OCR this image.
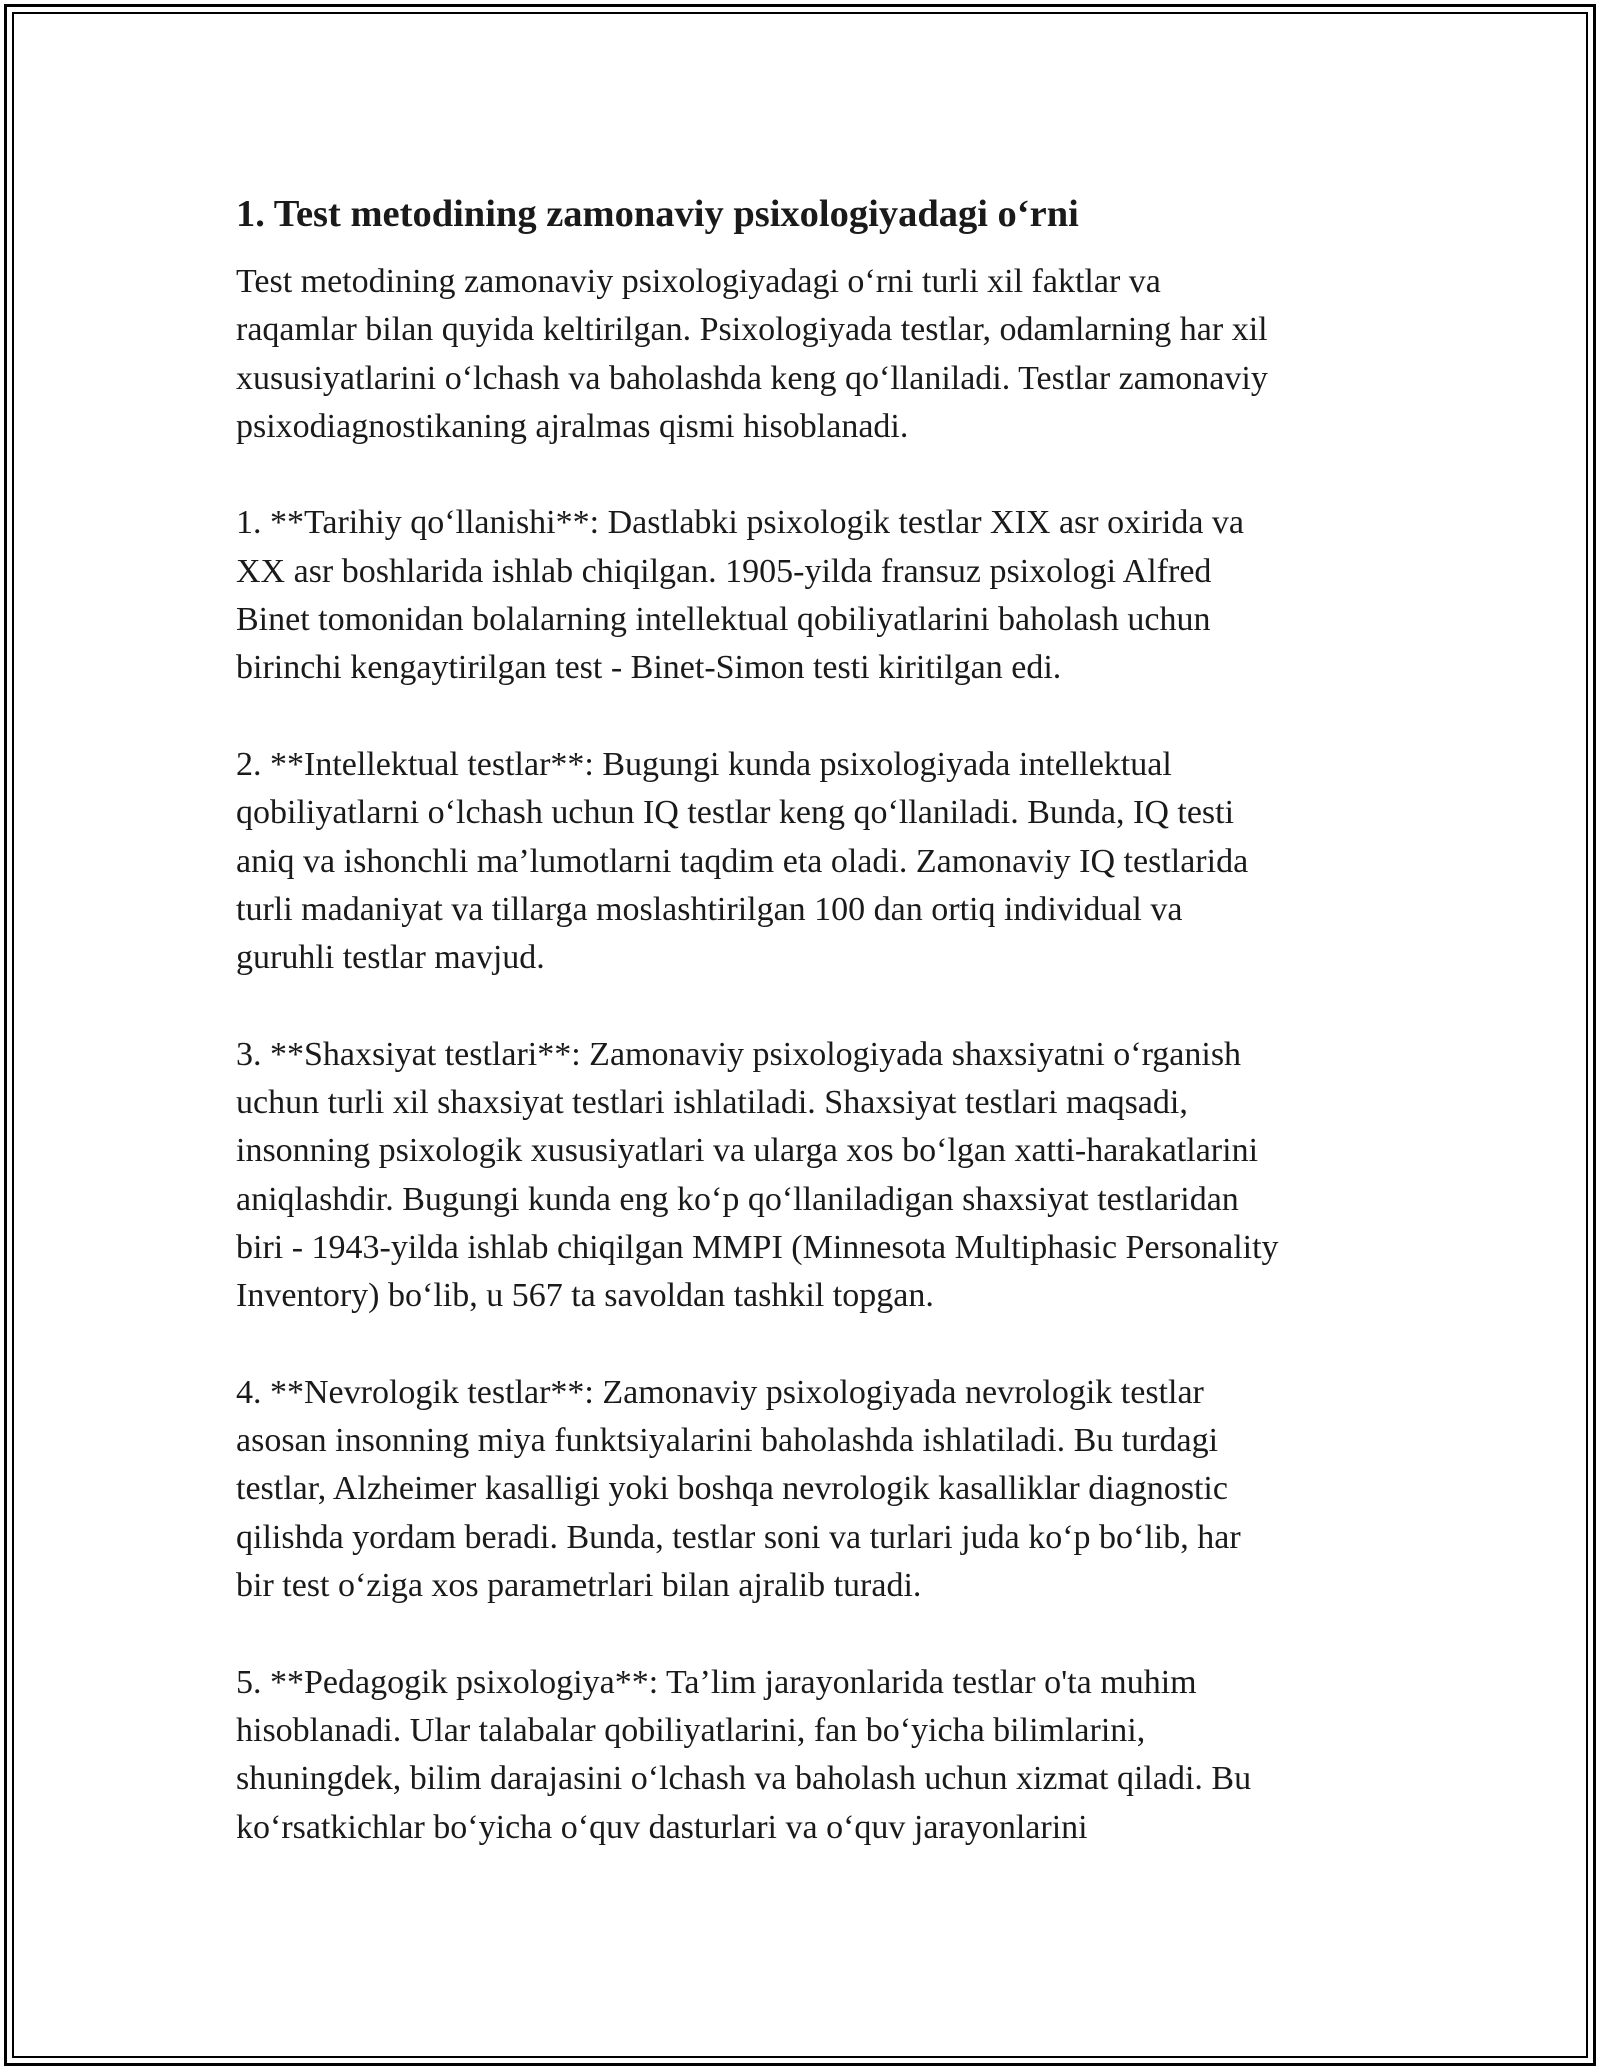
1. Test metodining zamonaviy psixologiyadagi o‘rni
Test metodining zamonaviy psixologiyadagi o‘rni turli xil faktlar va
raqamlar bilan quyida keltirilgan. Psixologiyada testlar, odamlarning har xil
xususiyatlarini o‘lchash va baholashda keng qo‘llaniladi. Testlar zamonaviy
psixodiagnostikaning ajralmas qismi hisoblanadi.
1. **Tarihiy qo‘llanishi**: Dastlabki psixologik testlar XIX asr oxirida va
XX asr boshlarida ishlab chiqilgan. 1905-yilda fransuz psixologi Alfred
Binet tomonidan bolalarning intellektual qobiliyatlarini baholash uchun
birinchi kengaytirilgan test - Binet-Simon testi kiritilgan edi.
2. **Intellektual testlar**: Bugungi kunda psixologiyada intellektual
qobiliyatlarni o‘lchash uchun IQ testlar keng qo‘llaniladi. Bunda, IQ testi
aniq va ishonchli ma’lumotlarni taqdim eta oladi. Zamonaviy IQ testlarida
turli madaniyat va tillarga moslashtirilgan 100 dan ortiq individual va
guruhli testlar mavjud.
3. **Shaxsiyat testlari**: Zamonaviy psixologiyada shaxsiyatni o‘rganish
uchun turli xil shaxsiyat testlari ishlatiladi. Shaxsiyat testlari maqsadi,
insonning psixologik xususiyatlari va ularga xos bo‘lgan xatti-harakatlarini
aniqlashdir. Bugungi kunda eng ko‘p qo‘llaniladigan shaxsiyat testlaridan
biri - 1943-yilda ishlab chiqilgan MMPI (Minnesota Multiphasic Personality
Inventory) bo‘lib, u 567 ta savoldan tashkil topgan.
4. **Nevrologik testlar**: Zamonaviy psixologiyada nevrologik testlar
asosan insonning miya funktsiyalarini baholashda ishlatiladi. Bu turdagi
testlar, Alzheimer kasalligi yoki boshqa nevrologik kasalliklar diagnostic
qilishda yordam beradi. Bunda, testlar soni va turlari juda ko‘p bo‘lib, har
bir test o‘ziga xos parametrlari bilan ajralib turadi.
5. **Pedagogik psixologiya**: Ta’lim jarayonlarida testlar o'ta muhim
hisoblanadi. Ular talabalar qobiliyatlarini, fan bo‘yicha bilimlarini,
shuningdek, bilim darajasini o‘lchash va baholash uchun xizmat qiladi. Bu
ko‘rsatkichlar bo‘yicha o‘quv dasturlari va o‘quv jarayonlarini
